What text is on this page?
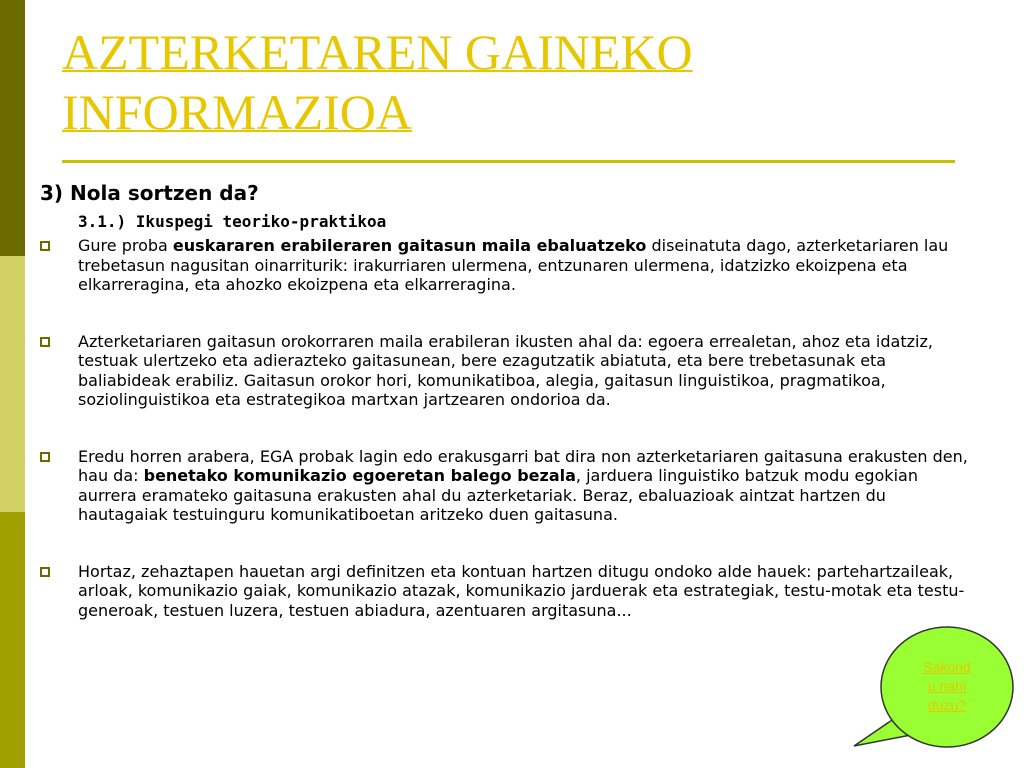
AZTERKETAREN GAINEKO
INFORMAZIOA
3) Nola sortzen da?
3.1.) Ikuspegi teoriko-praktikoa
Gure proba euskararen erabileraren gaitasun maila ebaluatzeko diseinatuta dago, azterketariaren lau trebetasun nagusitan oinarriturik: irakurriaren ulermena, entzunaren ulermena, idatzizko ekoizpena eta elkarreragina, eta ahozko ekoizpena eta elkarreragina.
Azterketariaren gaitasun orokorraren maila erabileran ikusten ahal da: egoera errealetan, ahoz eta idatziz, testuak ulertzeko eta adierazteko gaitasunean, bere ezagutzatik abiatuta, eta bere trebetasunak eta baliabideak erabiliz. Gaitasun orokor hori, komunikatiboa, alegia, gaitasun linguistikoa, pragmatikoa, soziolinguistikoa eta estrategikoa martxan jartzearen ondorioa da.
Eredu horren arabera, EGA probak lagin edo erakusgarri bat dira non azterketariaren gaitasuna erakusten den, hau da: benetako komunikazio egoeretan balego bezala, jarduera linguistiko batzuk modu egokian aurrera eramateko gaitasuna erakusten ahal du azterketariak. Beraz, ebaluazioak aintzat hartzen du hautagaiak testuinguru komunikatiboetan aritzeko duen gaitasuna.
Hortaz, zehaztapen hauetan argi definitzen eta kontuan hartzen ditugu ondoko alde hauek: partehartzaileak, arloak, komunikazio gaiak, komunikazio atazak, komunikazio jarduerak eta estrategiak, testu-motak eta testu-generoak, testuen luzera, testuen abiadura, azentuaren argitasuna...
Sakond
u nahi
duzu?
